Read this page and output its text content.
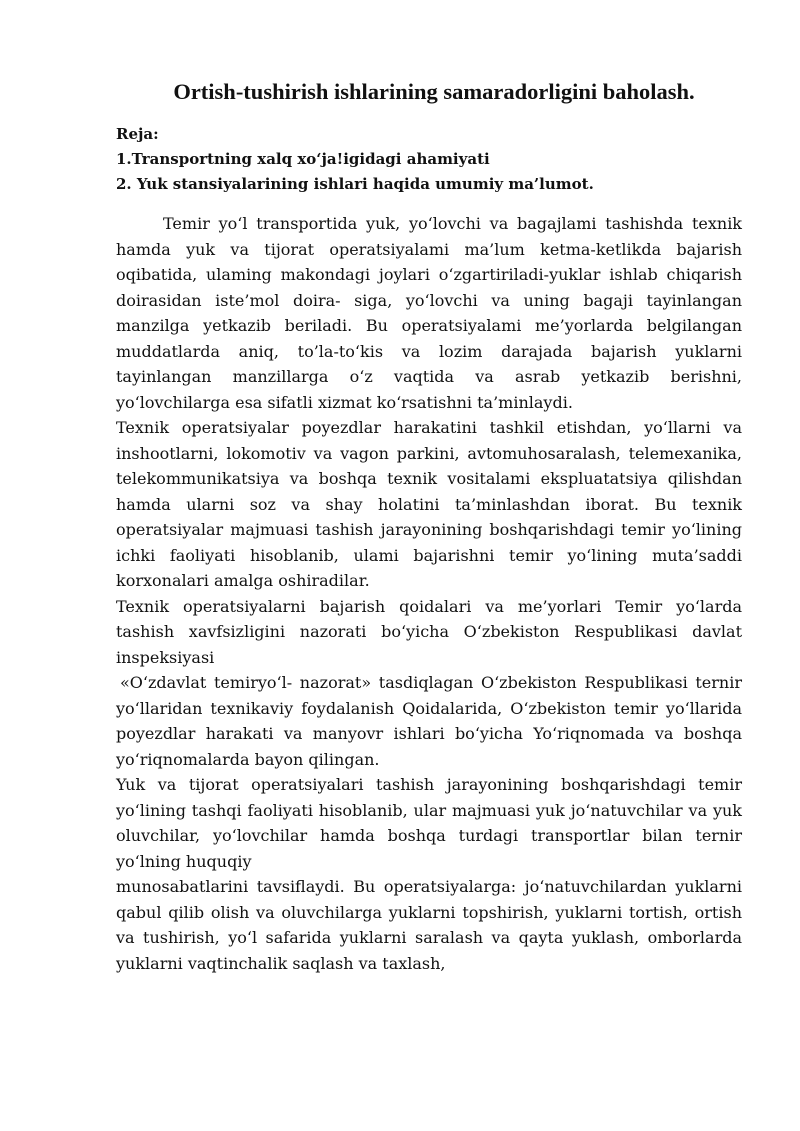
Ortish-tushirish ishlarining samaradorligini baholash.
Reja:
1.Transportning xalq xo‘ja!igidagi ahamiyati
2. Yuk stansiyalarining ishlari haqida umumiy ma’lumot.

Temir yo‘l transportida yuk, yo‘lovchi va bagajlami tashishda texnik hamda yuk va tijorat operatsiyalami ma’lum ketma-ketlikda bajarish oqibatida, ulaming makondagi joylari o‘zgartiriladi-yuklar ishlab chiqarish doirasidan iste’mol doira- siga, yo‘lovchi va uning bagaji tayinlangan manzilga yetkazib beriladi. Bu operatsiyalami me’yorlarda belgilangan muddatlarda aniq, to’la-to‘kis va lozim darajada bajarish yuklarni tayinlangan manzillarga o‘z vaqtida va asrab yetkazib berishni, yo‘lovchilarga esa sifatli xizmat ko‘rsatishni ta’minlaydi.

Texnik operatsiyalar poyezdlar harakatini tashkil etishdan, yo‘llarni va inshootlarni, lokomotiv va vagon parkini, avtomuhosaralash, telemexanika, telekommunikatsiya va boshqa texnik vositalami ekspluatatsiya qilishdan hamda ularni soz va shay holatini ta’minlashdan iborat. Bu texnik operatsiyalar majmuasi tashish jarayonining boshqarishdagi temir yo‘lining ichki faoliyati hisoblanib, ulami bajarishni temir yo‘lining muta’saddi korxonalari amalga oshiradilar.

Texnik operatsiyalarni bajarish qoidalari va me’yorlari Temir yo‘larda tashish xavfsizligini nazorati bo‘yicha O‘zbekiston Respublikasi davlat inspeksiyasi

«O‘zdavlat temiryo‘l- nazorat» tasdiqlagan O‘zbekiston Respublikasi ternir yo‘llaridan texnikaviy foydalanish Qoidalarida, O‘zbekiston temir yo‘llarida poyezdlar harakati va manyovr ishlari bo‘yicha Yo‘riqnomada va boshqa yo‘riqnomalarda bayon qilingan.

Yuk va tijorat operatsiyalari tashish jarayonining boshqarishdagi temir yo‘lining tashqi faoliyati hisoblanib, ular majmuasi yuk jo‘natuvchilar va yuk oluvchilar, yo‘lovchilar hamda boshqa turdagi transportlar bilan ternir yo‘lning huquqiy

munosabatlarini tavsiflaydi. Bu operatsiyalarga: jo‘natuvchilardan yuklarni qabul qilib olish va oluvchilarga yuklarni topshirish, yuklarni tortish, ortish va tushirish, yo‘l safarida yuklarni saralash va qayta yuklash, omborlarda yuklarni vaqtinchalik saqlash va taxlash,
